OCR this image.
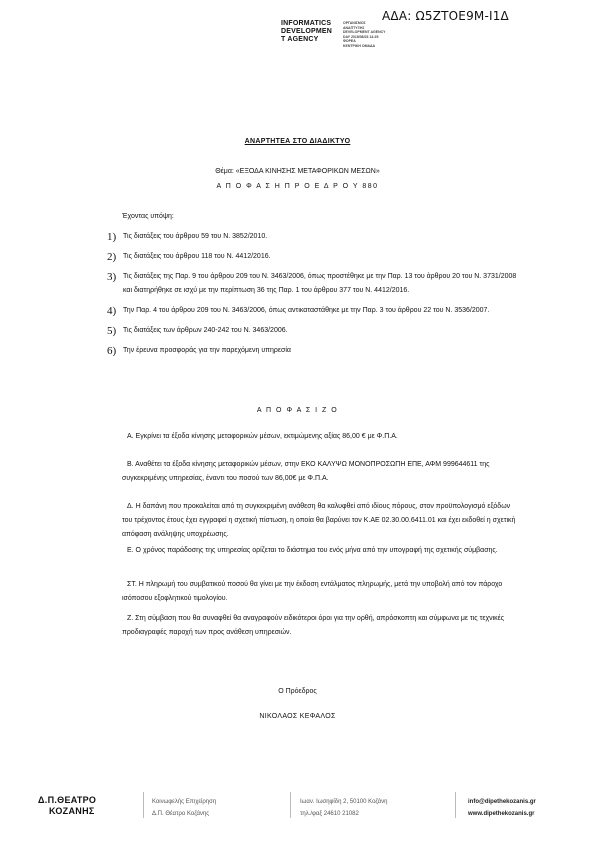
ΑΔΑ: Ω5ΖΤΟΕ9Μ-Ι1Δ
INFORMATICS
DEVELOPMEN
T AGENCY
ΟΡΓΑΝΙΣΜΟΣ
ΑΝΑΠΤΥΞΗΣ
DEVELOPMENT AGENCY
DAY 2018/08/23 14:25
ΦΟΡΕΑ
ΚΕΝΤΡΙΚΗ ΟΜΑΔΑ
ΑΝΑΡΤΗΤΕΑ ΣΤΟ ΔΙΑΔΙΚΤΥΟ
Θέμα: «ΕΞΟΔΑ ΚΙΝΗΣΗΣ ΜΕΤΑΦΟΡΙΚΩΝ ΜΕΣΩΝ»
Α Π Ο Φ Α Σ Η Π Ρ Ο Ε Δ Ρ Ο Υ 880
Έχοντας υπόψη:
1) Τις διατάξεις του άρθρου 59 του Ν. 3852/2010.
2) Τις διατάξεις του άρθρου 118 του Ν. 4412/2016.
3) Τις διατάξεις της Παρ. 9 του άρθρου 209 του Ν. 3463/2006, όπως προστέθηκε με την Παρ. 13 του άρθρου 20 του Ν. 3731/2008 και διατηρήθηκε σε ισχύ με την περίπτωση 36 της Παρ. 1 του άρθρου 377 του Ν. 4412/2016.
4) Την Παρ. 4 του άρθρου 209 του Ν. 3463/2006, όπως αντικαταστάθηκε με την Παρ. 3 του άρθρου 22 του Ν. 3536/2007.
5) Τις διατάξεις των άρθρων 240-242 του Ν. 3463/2006.
6) Την έρευνα προσφοράς για την παρεχόμενη υπηρεσία
Α Π Ο Φ Α Σ Ι Ζ Ο

Α. Εγκρίνει τα έξοδα κίνησης μεταφορικών μέσων, εκτιμώμενης αξίας 86,00 € με Φ.Π.Α.

Β. Αναθέτει τα έξοδα κίνησης μεταφορικών μέσων, στην ΕΚΟ ΚΑΛΥΨΩ ΜΟΝΟΠΡΟΣΩΠΗ ΕΠΕ, ΑΦΜ 999644611 της συγκεκριμένης υπηρεσίας, έναντι του ποσού των 86,00€ με Φ.Π.Α.

Δ. Η δαπάνη που προκαλείται από τη συγκεκριμένη ανάθεση θα καλυφθεί από ιδίους πόρους, στον προϋπολογισμό εξόδων του τρέχοντος έτους έχει εγγραφεί η σχετική πίστωση, η οποία θα βαρύνει τον Κ.ΑΕ 02.30.00.6411.01 και έχει εκδοθεί η σχετική απόφαση ανάληψης υποχρέωσης.

Ε. Ο χρόνος παράδοσης της υπηρεσίας ορίζεται το διάστημα του ενός μήνα από την υπογραφή της σχετικής σύμβασης.

ΣΤ. Η πληρωμή του συμβατικού ποσού θα γίνει με την έκδοση εντάλματος πληρωμής, μετά την υποβολή από τον πάροχο ισόποσου εξοφλητικού τιμολογίου.

Ζ. Στη σύμβαση που θα συναφθεί θα αναγραφούν ειδικότεροι όροι για την ορθή, απρόσκοπτη και σύμφωνα με τις τεχνικές προδιαγραφές παροχή των προς ανάθεση υπηρεσιών.

Ο Πρόεδρος
ΝΙΚΟΛΑΟΣ ΚΕΦΑΛΟΣ
Δ.Π.ΘΕΑΤΡΟ
ΚΟΖΑΝΗΣ
Κοινωφελής Επιχείρηση
Δ.Π. Θέατρο Κοζάνης
Ιωαν. Ιωσηφίδη 2, 50100 Κοζάνη
τηλ./φαξ 24610 21082
info@dipethekozanis.gr
www.dipethekozanis.gr
